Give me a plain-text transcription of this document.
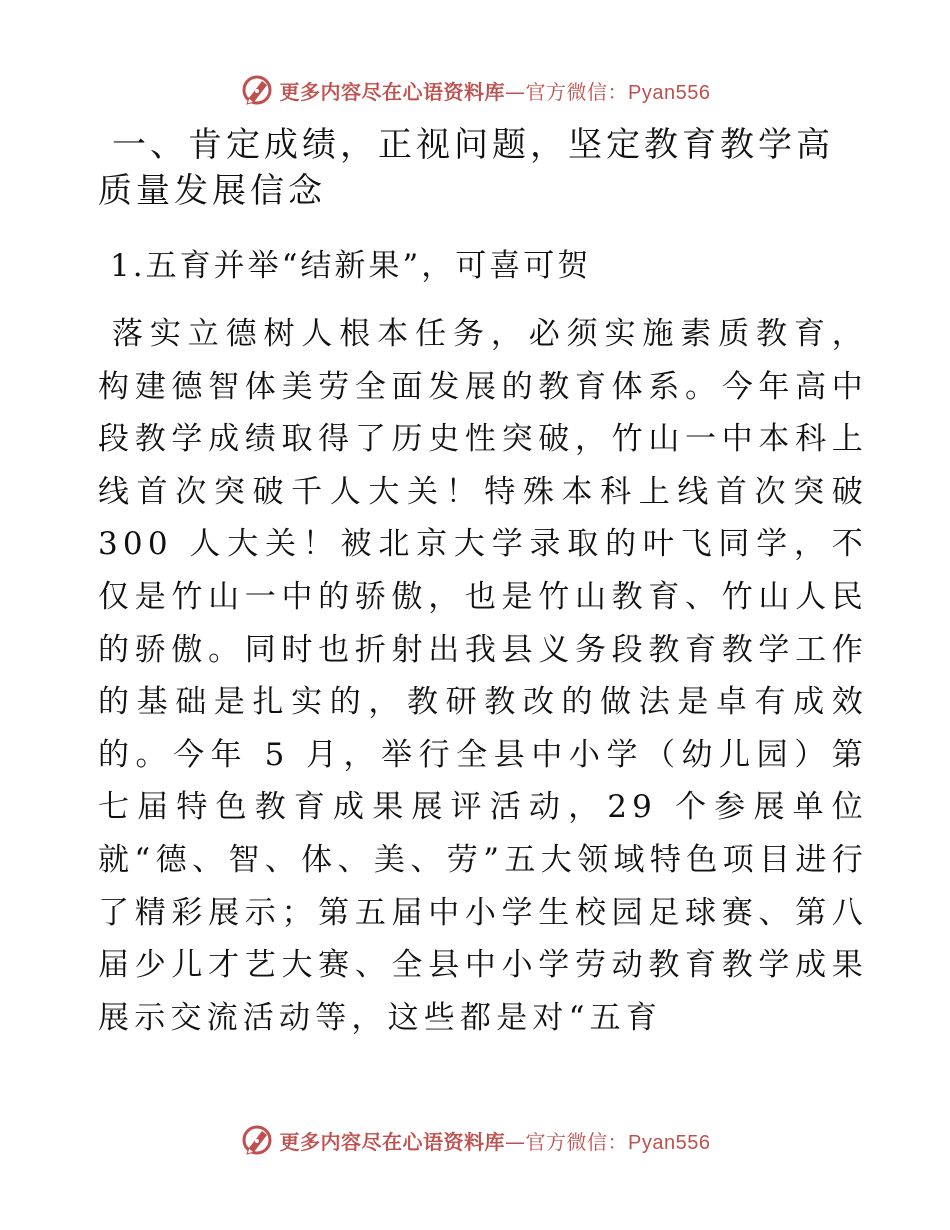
更多内容尽在心语资料库—官方微信：Pyan556
一、肯定成绩，正视问题，坚定教育教学高质量发展信念
1.五育并举“结新果”，可喜可贺

落实立德树人根本任务，必须实施素质教育，构建德智体美劳全面发展的教育体系。今年高中段教学成绩取得了历史性突破，竹山一中本科上线首次突破千人大关！特殊本科上线首次突破 300 人大关！被北京大学录取的叶飞同学，不仅是竹山一中的骄傲，也是竹山教育、竹山人民的骄傲。同时也折射出我县义务段教育教学工作的基础是扎实的，教研教改的做法是卓有成效的。今年 5 月，举行全县中小学（幼儿园）第七届特色教育成果展评活动，29 个参展单位就“德、智、体、美、劳”五大领域特色项目进行了精彩展示；第五届中小学生校园足球赛、第八届少儿才艺大赛、全县中小学劳动教育教学成果展示交流活动等，这些都是对“五育

更多内容尽在心语资料库—官方微信：Pyan556
